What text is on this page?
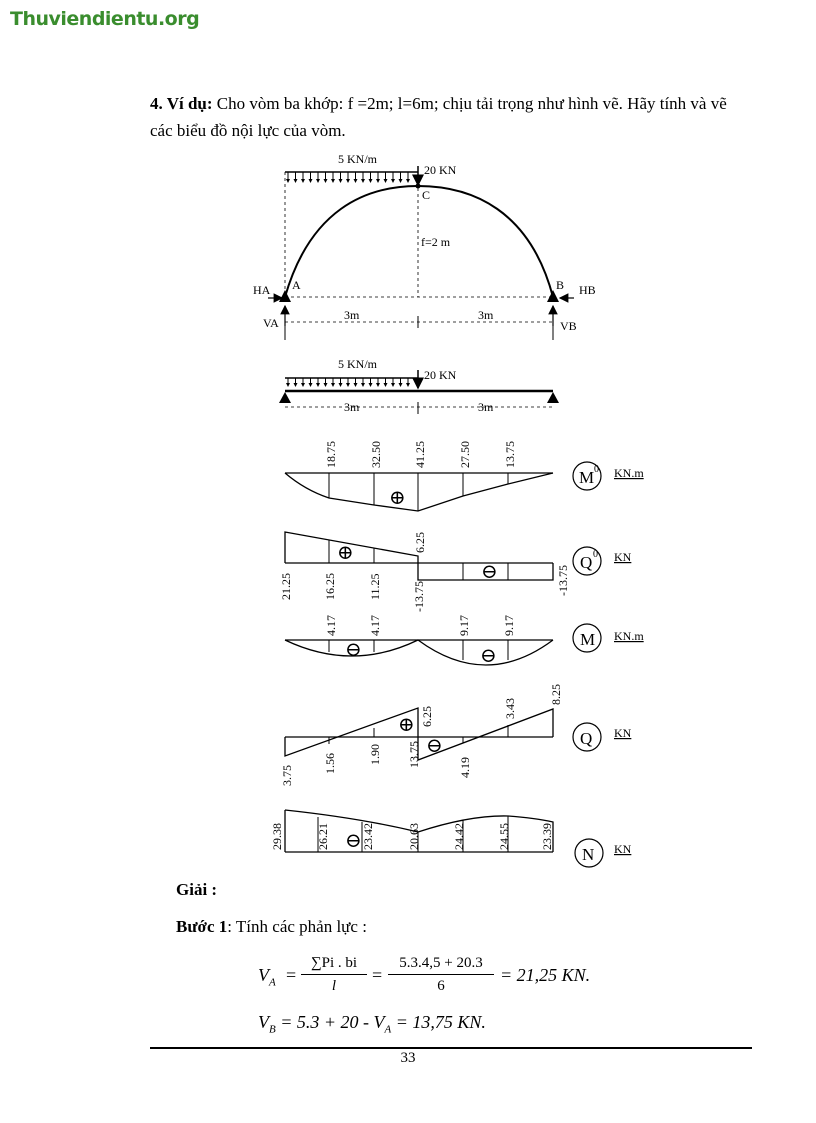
Thuviendientu.org
4. Ví dụ: Cho vòm ba khớp: f =2m; l=6m; chịu tải trọng như hình vẽ. Hãy tính và vẽ các biểu đồ nội lực của vòm.
5 KN/m
20 KN
C
f=2 m
A	B
HA	HB
VA	VB
3m	3m
5 KN/m
20 KN
3m	3m
18.75	32.50	41.25	27.50	13.75
⊕
M 0 KN.m
6.25
21.25	16.25	11.25	-13.75
-13.75
⊕
⊖	Q 0 KN
4.17	4.17	9.17	9.17
⊖	⊖
M KN.m
6.25	3.43
8.25
3.75
1.56	1.90 13.75	4.19
⊕
⊖	Q KN
29.38	26.21	23.42	20.63	24.42	24.55 23.39
⊖
N KN
Giải :
Bước 1: Tính các phản lực :
$V_A$ =
∑Pi . bi
l
=
5.3.4,5 + 20.3
6
= 21,25 KN.
$V_B = 5.3 + 20 - V_A = 13,75$ KN.
33
